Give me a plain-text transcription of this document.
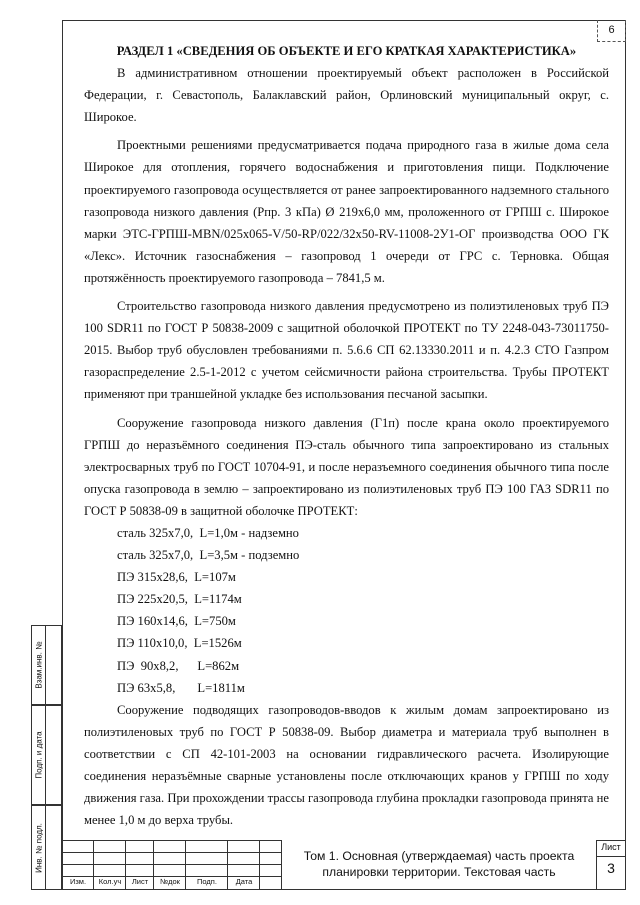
6

РАЗДЕЛ 1 «СВЕДЕНИЯ ОБ ОБЪЕКТЕ И ЕГО КРАТКАЯ ХАРАКТЕРИСТИКА»

В административном отношении проектируемый объект расположен в Российской Федерации, г. Севастополь, Балаклавский район, Орлиновский муниципальный округ, с. Широкое.

Проектными решениями предусматривается подача природного газа в жилые дома села Широкое для отопления, горячего водоснабжения и приготовления пищи. Подключение проектируемого газопровода осуществляется от ранее запроектированного надземного стального газопровода низкого давления (Рпр. 3 кПа) Ø 219х6,0 мм, проложенного от ГРПШ с. Широкое марки ЭТС-ГРПШ-MBN/025х065-V/50-RP/022/32х50-RV-11008-2У1-ОГ производства ООО ГК «Лекс». Источник газоснабжения – газопровод 1 очереди от ГРС с. Терновка. Общая протяжённость проектируемого газопровода – 7841,5 м.

Строительство газопровода низкого давления предусмотрено из полиэтиленовых труб ПЭ 100 SDR11 по ГОСТ Р 50838-2009 с защитной оболочкой ПРОТЕКТ по ТУ 2248-043-73011750-2015. Выбор труб обусловлен требованиями п. 5.6.6 СП 62.13330.2011 и п. 4.2.3 СТО Газпром газораспределение 2.5-1-2012 с учетом сейсмичности района строительства. Трубы ПРОТЕКТ применяют при траншейной укладке без использования песчаной засыпки.

Сооружение газопровода низкого давления (Г1п) после крана около проектируемого ГРПШ до неразъёмного соединения ПЭ-сталь обычного типа запроектировано из стальных электросварных труб по ГОСТ 10704-91, и после неразъемного соединения обычного типа после опуска газопровода в землю – запроектировано из полиэтиленовых труб ПЭ 100 ГАЗ SDR11 по ГОСТ Р 50838-09 в защитной оболочке ПРОТЕКТ:

сталь 325х7,0,  L=1,0м - надземно

сталь 325х7,0,  L=3,5м - подземно

ПЭ 315х28,6,  L=107м

ПЭ 225х20,5,  L=1174м

ПЭ 160х14,6,  L=750м

ПЭ 110х10,0,  L=1526м

ПЭ  90х8,2,      L=862м

ПЭ 63х5,8,       L=1811м

Сооружение подводящих газопроводов-вводов к жилым домам запроектировано из полиэтиленовых труб по ГОСТ Р 50838-09. Выбор диаметра и материала труб выполнен в соответствии с СП 42-101-2003 на основании гидравлического расчета. Изолирующие соединения неразъёмные сварные установлены после отключающих кранов у ГРПШ по ходу движения газа. При прохождении трассы газопровода глубина прокладки газопровода принята не менее 1,0 м до верха трубы.

Взам.инв. №
Подп. и дата
Инв. № подл.
Изм.	Кол.уч	Лист	№док	Подп.	Дата
Том 1. Основная (утверждаемая) часть проекта планировки территории. Текстовая часть
Лист
3
